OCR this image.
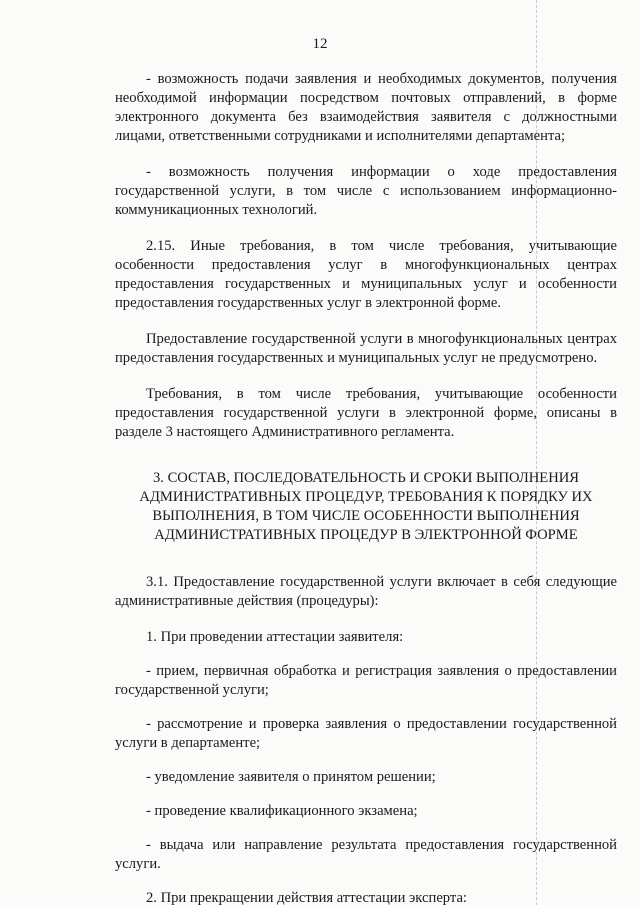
12

- возможность подачи заявления и необходимых документов, получения необходимой информации посредством почтовых отправлений, в форме электронного документа без взаимодействия заявителя с должностными лицами, ответственными сотрудниками и исполнителями департамента;

- возможность получения информации о ходе предоставления государственной услуги, в том числе с использованием информационно-коммуникационных технологий.

2.15. Иные требования, в том числе требования, учитывающие особенности предоставления услуг в многофункциональных центрах предоставления государственных и муниципальных услуг и особенности предоставления государственных услуг в электронной форме.

Предоставление государственной услуги в многофункциональных центрах предоставления государственных и муниципальных услуг не предусмотрено.

Требования, в том числе требования, учитывающие особенности предоставления государственной услуги в электронной форме, описаны в разделе 3 настоящего Административного регламента.

3. СОСТАВ, ПОСЛЕДОВАТЕЛЬНОСТЬ И СРОКИ ВЫПОЛНЕНИЯ АДМИНИСТРАТИВНЫХ ПРОЦЕДУР, ТРЕБОВАНИЯ К ПОРЯДКУ ИХ ВЫПОЛНЕНИЯ, В ТОМ ЧИСЛЕ ОСОБЕННОСТИ ВЫПОЛНЕНИЯ АДМИНИСТРАТИВНЫХ ПРОЦЕДУР В ЭЛЕКТРОННОЙ ФОРМЕ

3.1. Предоставление государственной услуги включает в себя следующие административные действия (процедуры):

1. При проведении аттестации заявителя:

- прием, первичная обработка и регистрация заявления о предоставлении государственной услуги;

- рассмотрение и проверка заявления о предоставлении государственной услуги в департаменте;

- уведомление заявителя о принятом решении;

- проведение квалификационного экзамена;

- выдача или направление результата предоставления государственной услуги.

2. При прекращении действия аттестации эксперта:
